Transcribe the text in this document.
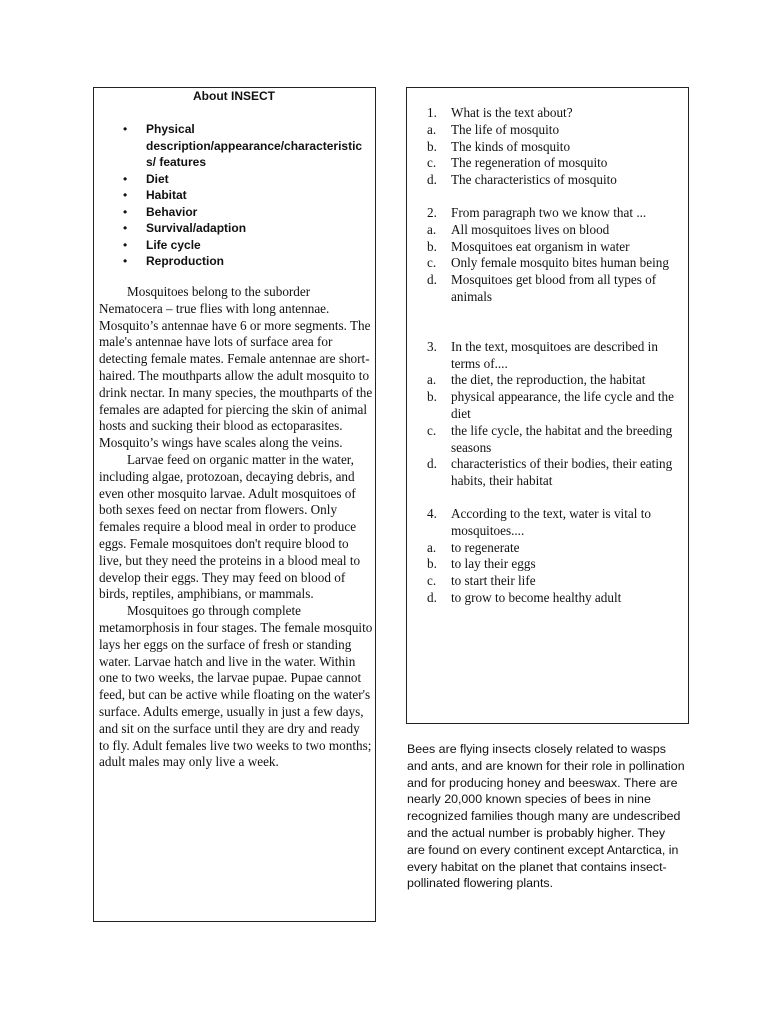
About INSECT
• Physical description/appearance/characteristic s/ features
• Diet
• Habitat
• Behavior
• Survival/adaption
• Life cycle
• Reproduction

Mosquitoes belong to the suborder Nematocera – true flies with long antennae. Mosquito’s antennae have 6 or more segments. The male's antennae have lots of surface area for detecting female mates. Female antennae are short-haired. The mouthparts allow the adult mosquito to drink nectar. In many species, the mouthparts of the females are adapted for piercing the skin of animal hosts and sucking their blood as ectoparasites. Mosquito’s wings have scales along the veins.

Larvae feed on organic matter in the water, including algae, protozoan, decaying debris, and even other mosquito larvae. Adult mosquitoes of both sexes feed on nectar from flowers. Only females require a blood meal in order to produce eggs. Female mosquitoes don't require blood to live, but they need the proteins in a blood meal to develop their eggs. They may feed on blood of birds, reptiles, amphibians, or mammals.

Mosquitoes go through complete metamorphosis in four stages. The female mosquito lays her eggs on the surface of fresh or standing water. Larvae hatch and live in the water. Within one to two weeks, the larvae pupae. Pupae cannot feed, but can be active while floating on the water's surface. Adults emerge, usually in just a few days, and sit on the surface until they are dry and ready to fly. Adult females live two weeks to two months; adult males may only live a week.

1.	What is the text about?
a.	The life of mosquito
b.	The kinds of mosquito
c.	The regeneration of mosquito
d.	The characteristics of mosquito
2.	From paragraph two we know that ...
a.	All mosquitoes lives on blood
b.	Mosquitoes eat organism in water
c.	Only female mosquito bites human being
d.	Mosquitoes get blood from all types of animals
3.	In the text, mosquitoes are described in terms of....
a.	the diet, the reproduction, the habitat
b.	physical appearance, the life cycle and the diet
c.	the life cycle, the habitat and the breeding seasons
d.	characteristics of their bodies, their eating habits, their habitat
4.	According to the text, water is vital to mosquitoes....
a.	to regenerate
b.	to lay their eggs
c.	to start their life
d.	to grow to become healthy adult

Bees are flying insects closely related to wasps and ants, and are known for their role in pollination and for producing honey and beeswax. There are nearly 20,000 known species of bees in nine recognized families though many are undescribed and the actual number is probably higher. They are found on every continent except Antarctica, in every habitat on the planet that contains insect-pollinated flowering plants.
